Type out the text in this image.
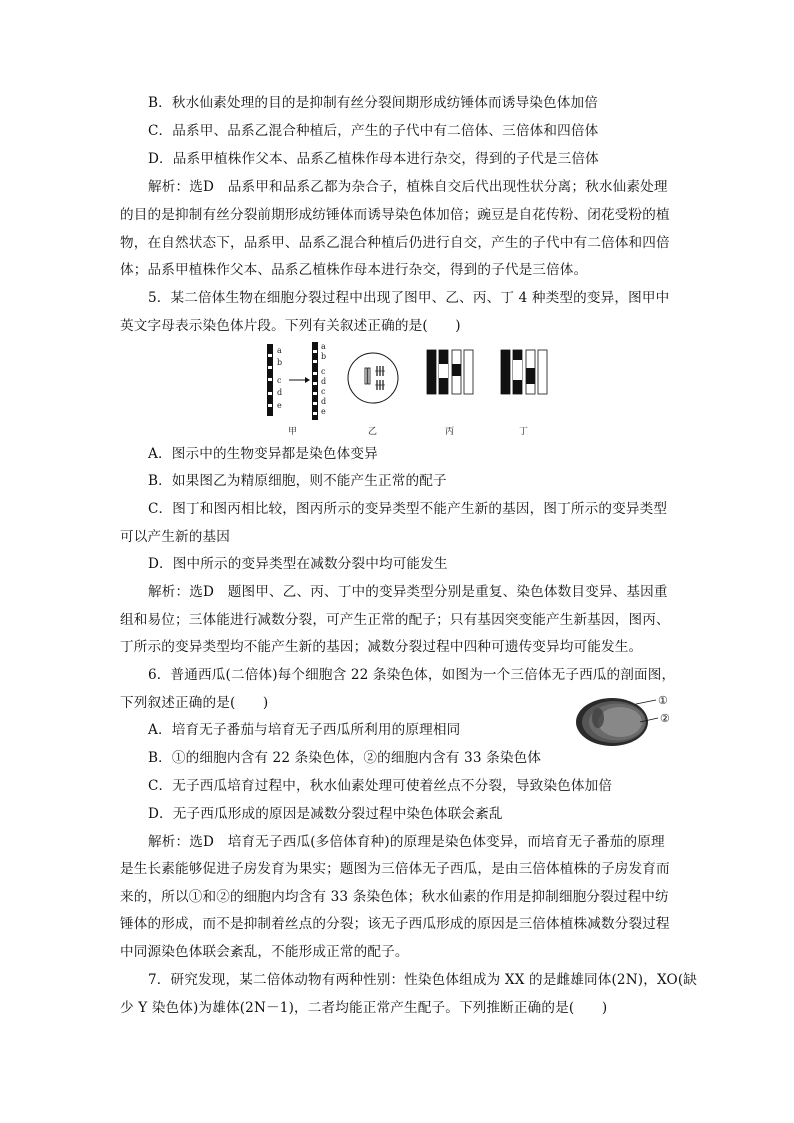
B．秋水仙素处理的目的是抑制有丝分裂间期形成纺锤体而诱导染色体加倍
C．品系甲、品系乙混合种植后，产生的子代中有二倍体、三倍体和四倍体
D．品系甲植株作父本、品系乙植株作母本进行杂交，得到的子代是三倍体
解析：选D　品系甲和品系乙都为杂合子，植株自交后代出现性状分离；秋水仙素处理
的目的是抑制有丝分裂前期形成纺锤体而诱导染色体加倍；豌豆是自花传粉、闭花受粉的植
物，在自然状态下，品系甲、品系乙混合种植后仍进行自交，产生的子代中有二倍体和四倍
体；品系甲植株作父本、品系乙植株作母本进行杂交，得到的子代是三倍体。
5．某二倍体生物在细胞分裂过程中出现了图甲、乙、丙、丁 4 种类型的变异，图甲中
英文字母表示染色体片段。下列有关叙述正确的是(　　)
a
b
c
d
e
a
b
c
d
c
d
e
甲	乙	丙	丁
A．图示中的生物变异都是染色体变异
B．如果图乙为精原细胞，则不能产生正常的配子
C．图丁和图丙相比较，图丙所示的变异类型不能产生新的基因，图丁所示的变异类型
可以产生新的基因
D．图中所示的变异类型在减数分裂中均可能发生
解析：选D　题图甲、乙、丙、丁中的变异类型分别是重复、染色体数目变异、基因重
组和易位；三体能进行减数分裂，可产生正常的配子；只有基因突变能产生新基因，图丙、
丁所示的变异类型均不能产生新的基因；减数分裂过程中四种可遗传变异均可能发生。
6．普通西瓜(二倍体)每个细胞含 22 条染色体，如图为一个三倍体无子西瓜的剖面图，
下列叙述正确的是(　　)	①
②
A．培育无子番茄与培育无子西瓜所利用的原理相同
B．①的细胞内含有 22 条染色体，②的细胞内含有 33 条染色体
C．无子西瓜培育过程中，秋水仙素处理可使着丝点不分裂，导致染色体加倍
D．无子西瓜形成的原因是减数分裂过程中染色体联会紊乱
解析：选D　培育无子西瓜(多倍体育种)的原理是染色体变异，而培育无子番茄的原理
是生长素能够促进子房发育为果实；题图为三倍体无子西瓜，是由三倍体植株的子房发育而
来的，所以①和②的细胞内均含有 33 条染色体；秋水仙素的作用是抑制细胞分裂过程中纺
锤体的形成，而不是抑制着丝点的分裂；该无子西瓜形成的原因是三倍体植株减数分裂过程
中同源染色体联会紊乱，不能形成正常的配子。
7．研究发现，某二倍体动物有两种性别：性染色体组成为 XX 的是雌雄同体(2N)，XO(缺
少 Y 染色体)为雄体(2N－1)，二者均能正常产生配子。下列推断正确的是(　　)
